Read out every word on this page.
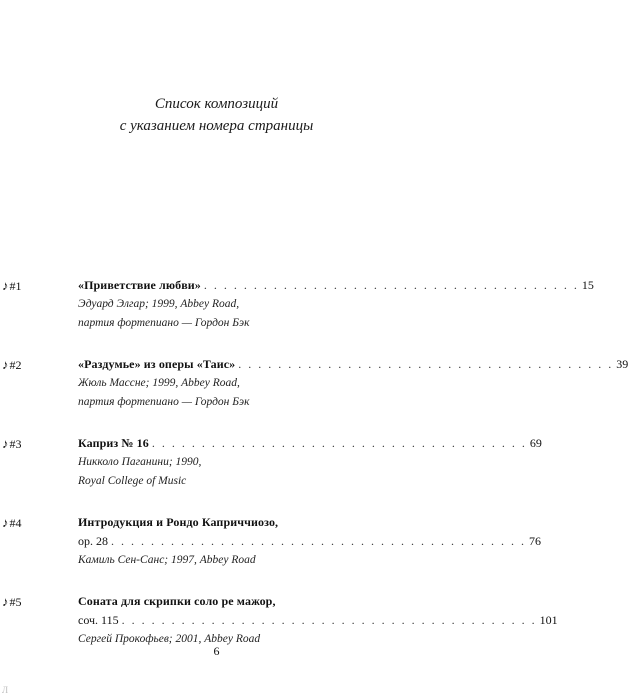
Список композиций
с указанием номера страницы
♪#1	«Приветствие любви» . . . . . . . . . . . . . . . . . . . . . . . . . . . . . . . . . . . . . . 15
Эдуард Элгар; 1999, Abbey Road,
партия фортепиано — Гордон Бэк
♪#2	«Раздумье» из оперы «Таис» . . . . . . . . . . . . . . . . . . . . . . . . . . . . . . . . . . . . . . 39
Жюль Массне; 1999, Abbey Road,
партия фортепиано — Гордон Бэк
♪#3	Каприз № 16 . . . . . . . . . . . . . . . . . . . . . . . . . . . . . . . . . . . . . . 69
Никколо Паганини; 1990,
Royal College of Music
♪#4	Интродукция и Рондо Каприччиозо,
ор. 28 . . . . . . . . . . . . . . . . . . . . . . . . . . . . . . . . . . . . . . . . . . 76
Камиль Сен-Санс; 1997, Abbey Road
♪#5	Соната для скрипки соло ре мажор,
соч. 115 . . . . . . . . . . . . . . . . . . . . . . . . . . . . . . . . . . . . . . . . . . 101
Сергей Прокофьев; 2001, Abbey Road
6
Л
